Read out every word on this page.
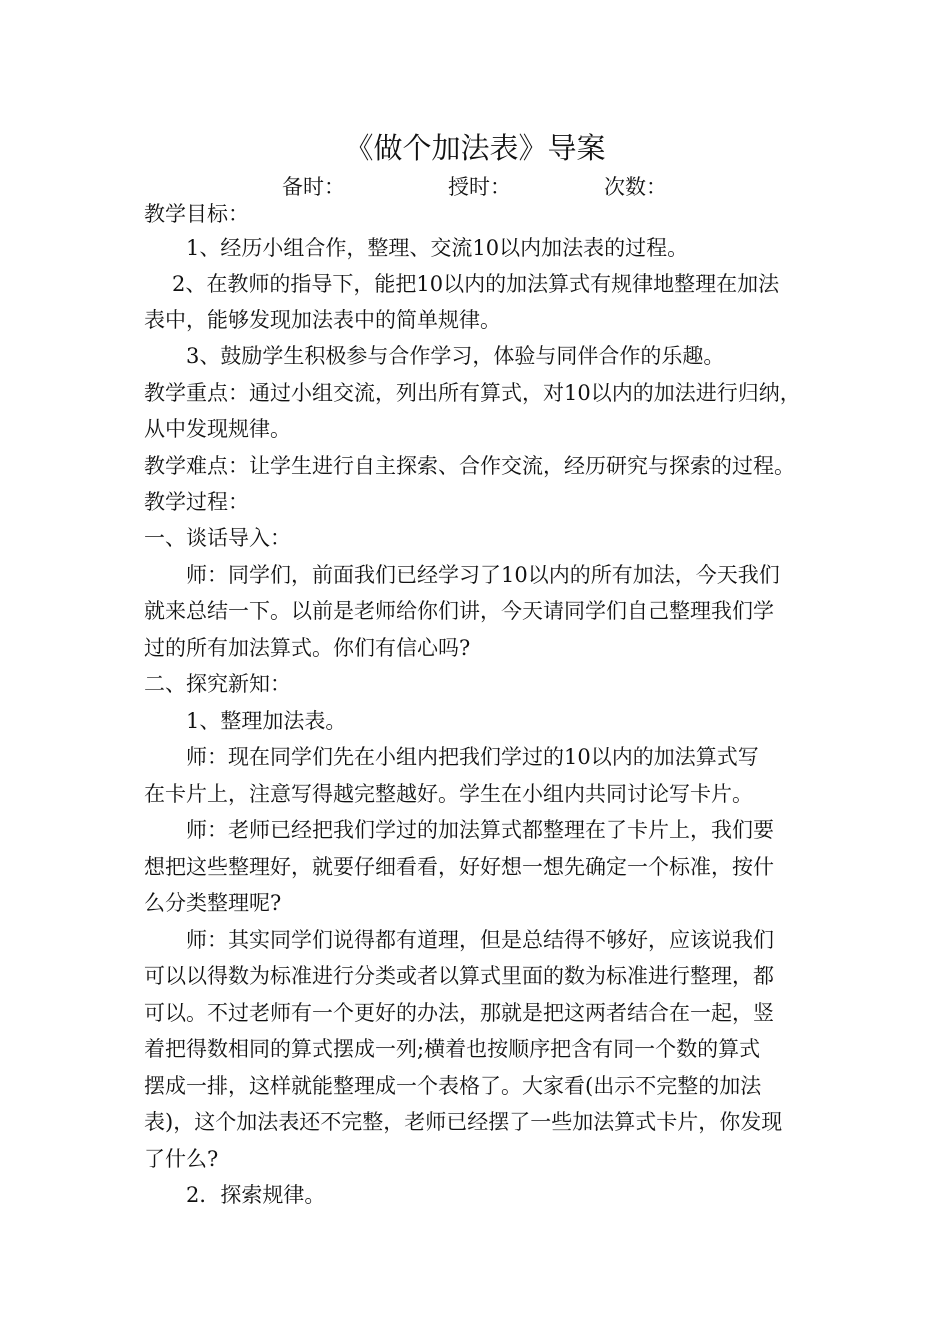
《做个加法表》导案
备时：	授时：	次数：
教学目标：
1、经历小组合作，整理、交流10以内加法表的过程。
2、在教师的指导下，能把10以内的加法算式有规律地整理在加法
表中，能够发现加法表中的简单规律。
3、鼓励学生积极参与合作学习，体验与同伴合作的乐趣。
教学重点：通过小组交流，列出所有算式，对10以内的加法进行归纳，
从中发现规律。
教学难点：让学生进行自主探索、合作交流，经历研究与探索的过程。
教学过程：
一、谈话导入：
师：同学们，前面我们已经学习了10以内的所有加法，今天我们
就来总结一下。以前是老师给你们讲，今天请同学们自己整理我们学
过的所有加法算式。你们有信心吗?
二、探究新知：
1、整理加法表。
师：现在同学们先在小组内把我们学过的10以内的加法算式写
在卡片上，注意写得越完整越好。学生在小组内共同讨论写卡片。
师：老师已经把我们学过的加法算式都整理在了卡片上，我们要
想把这些整理好，就要仔细看看，好好想一想先确定一个标准，按什
么分类整理呢?
师：其实同学们说得都有道理，但是总结得不够好，应该说我们
可以以得数为标准进行分类或者以算式里面的数为标准进行整理，都
可以。不过老师有一个更好的办法，那就是把这两者结合在一起，竖
着把得数相同的算式摆成一列;横着也按顺序把含有同一个数的算式
摆成一排，这样就能整理成一个表格了。大家看(出示不完整的加法
表)，这个加法表还不完整，老师已经摆了一些加法算式卡片，你发现
了什么?
2．探索规律。
